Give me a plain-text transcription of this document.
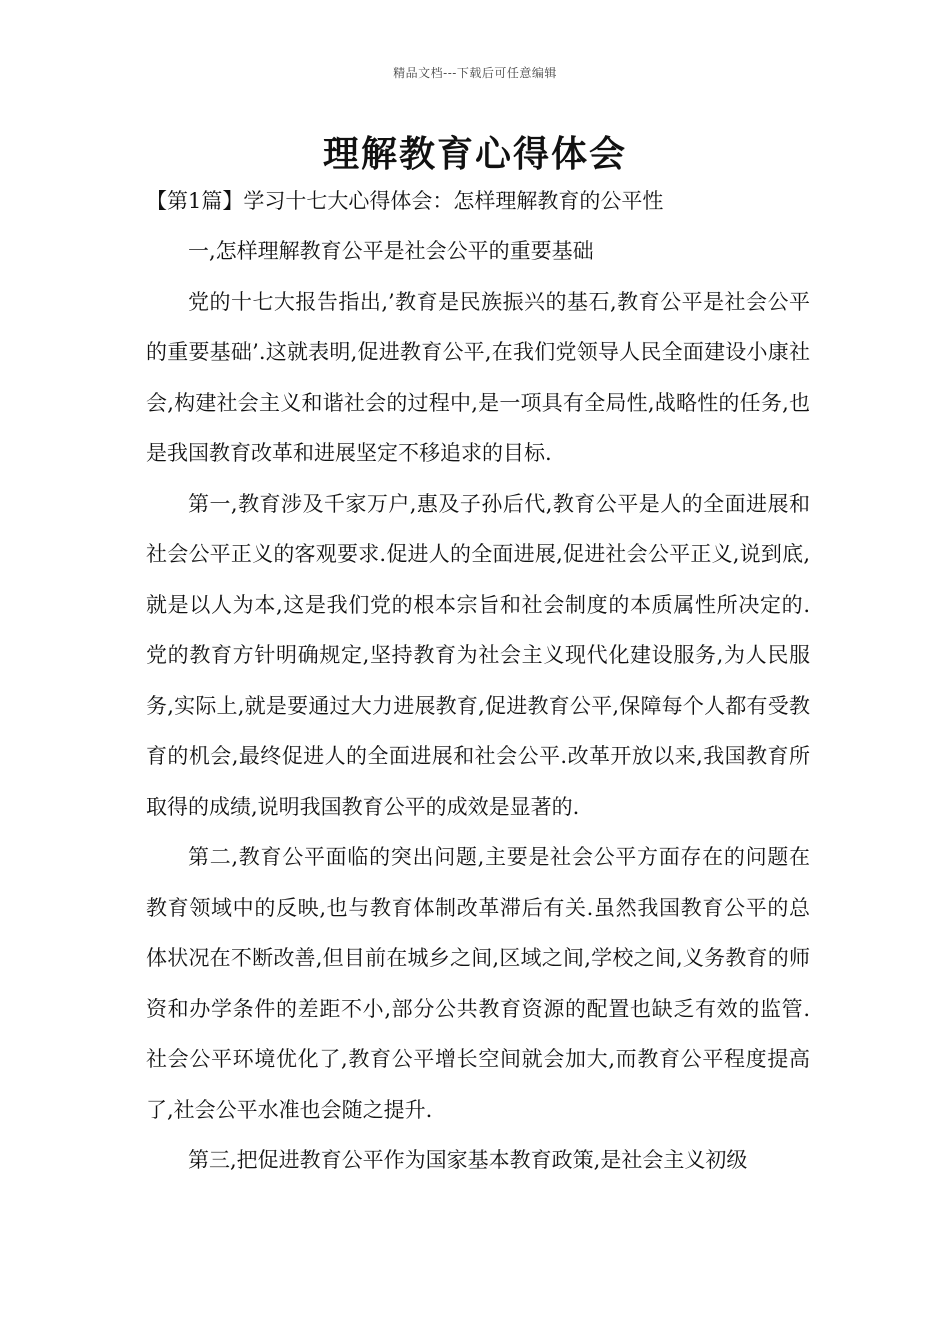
精品文档---下载后可任意编辑
理解教育心得体会
【第1篇】学习十七大心得体会：怎样理解教育的公平性

一,怎样理解教育公平是社会公平的重要基础

党的十七大报告指出,’教育是民族振兴的基石,教育公平是社会公平的重要基础’.这就表明,促进教育公平,在我们党领导人民全面建设小康社会,构建社会主义和谐社会的过程中,是一项具有全局性,战略性的任务,也是我国教育改革和进展坚定不移追求的目标.

第一,教育涉及千家万户,惠及子孙后代,教育公平是人的全面进展和社会公平正义的客观要求.促进人的全面进展,促进社会公平正义,说到底,就是以人为本,这是我们党的根本宗旨和社会制度的本质属性所决定的.党的教育方针明确规定,坚持教育为社会主义现代化建设服务,为人民服务,实际上,就是要通过大力进展教育,促进教育公平,保障每个人都有受教育的机会,最终促进人的全面进展和社会公平.改革开放以来,我国教育所取得的成绩,说明我国教育公平的成效是显著的.

第二,教育公平面临的突出问题,主要是社会公平方面存在的问题在教育领域中的反映,也与教育体制改革滞后有关.虽然我国教育公平的总体状况在不断改善,但目前在城乡之间,区域之间,学校之间,义务教育的师资和办学条件的差距不小,部分公共教育资源的配置也缺乏有效的监管.社会公平环境优化了,教育公平增长空间就会加大,而教育公平程度提高了,社会公平水准也会随之提升.

第三,把促进教育公平作为国家基本教育政策,是社会主义初级
